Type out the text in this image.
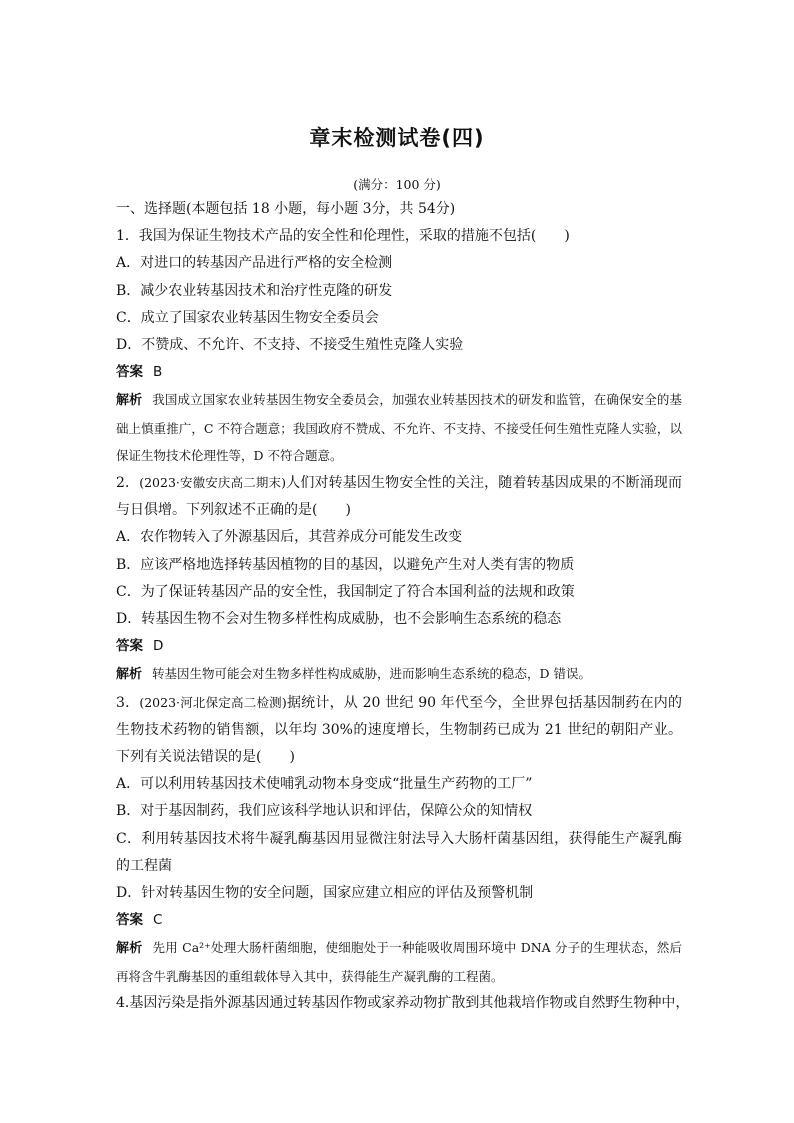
章末检测试卷(四)
(满分：100 分)
一、选择题(本题包括 18 小题，每小题 3分，共 54分)
1．我国为保证生物技术产品的安全性和伦理性，采取的措施不包括(　　)
A．对进口的转基因产品进行严格的安全检测
B．减少农业转基因技术和治疗性克隆的研发
C．成立了国家农业转基因生物安全委员会
D．不赞成、不允许、不支持、不接受生殖性克隆人实验
答案 B
解析 我国成立国家农业转基因生物安全委员会，加强农业转基因技术的研发和监管，在确保安全的基础上慎重推广，C 不符合题意；我国政府不赞成、不允许、不支持、不接受任何生殖性克隆人实验，以保证生物技术伦理性等，D 不符合题意。
2．(2023·安徽安庆高二期末)人们对转基因生物安全性的关注，随着转基因成果的不断涌现而与日俱增。下列叙述不正确的是(　　)
A．农作物转入了外源基因后，其营养成分可能发生改变
B．应该严格地选择转基因植物的目的基因，以避免产生对人类有害的物质
C．为了保证转基因产品的安全性，我国制定了符合本国利益的法规和政策
D．转基因生物不会对生物多样性构成威胁，也不会影响生态系统的稳态
答案 D
解析 转基因生物可能会对生物多样性构成威胁，进而影响生态系统的稳态，D 错误。
3．(2023·河北保定高二检测)据统计，从 20 世纪 90 年代至今，全世界包括基因制药在内的生物技术药物的销售额，以年均 30%的速度增长，生物制药已成为 21 世纪的朝阳产业。下列有关说法错误的是(　　)
A．可以利用转基因技术使哺乳动物本身变成“批量生产药物的工厂”
B．对于基因制药，我们应该科学地认识和评估，保障公众的知情权
C．利用转基因技术将牛凝乳酶基因用显微注射法导入大肠杆菌基因组，获得能生产凝乳酶的工程菌
D．针对转基因生物的安全问题，国家应建立相应的评估及预警机制
答案 C
解析 先用 Ca²⁺处理大肠杆菌细胞，使细胞处于一种能吸收周围环境中 DNA 分子的生理状态，然后再将含牛乳酶基因的重组载体导入其中，获得能生产凝乳酶的工程菌。
4.基因污染是指外源基因通过转基因作物或家养动物扩散到其他栽培作物或自然野生物种中，
